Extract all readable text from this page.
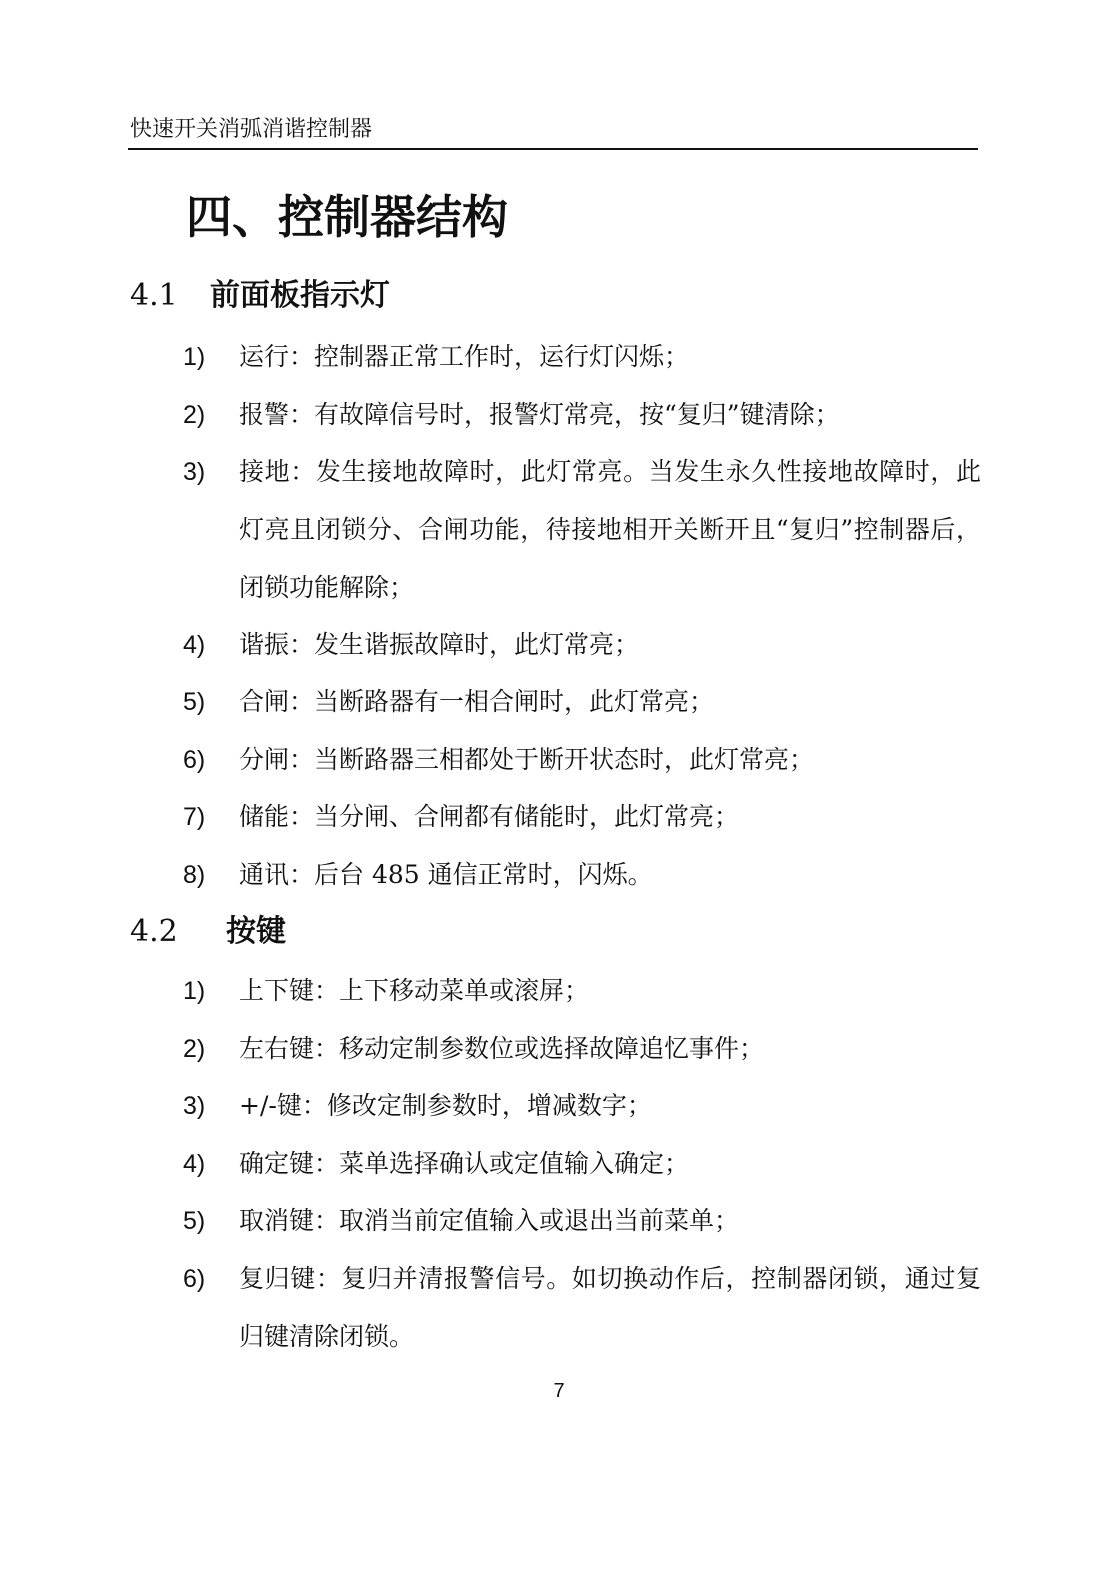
快速开关消弧消谐控制器
四、控制器结构
4.1 前面板指示灯
1) 运行：控制器正常工作时，运行灯闪烁；
2) 报警：有故障信号时，报警灯常亮，按“复归”键清除；
3) 接地：发生接地故障时，此灯常亮。当发生永久性接地故障时，此灯亮且闭锁分、合闸功能，待接地相开关断开且“复归”控制器后，闭锁功能解除；
4) 谐振：发生谐振故障时，此灯常亮；
5) 合闸：当断路器有一相合闸时，此灯常亮；
6) 分闸：当断路器三相都处于断开状态时，此灯常亮；
7) 储能：当分闸、合闸都有储能时，此灯常亮；
8) 通讯：后台 485 通信正常时，闪烁。
4.2 按键
1) 上下键：上下移动菜单或滚屏；
2) 左右键：移动定制参数位或选择故障追忆事件；
3) +/-键：修改定制参数时，增减数字；
4) 确定键：菜单选择确认或定值输入确定；
5) 取消键：取消当前定值输入或退出当前菜单；
6) 复归键：复归并清报警信号。如切换动作后，控制器闭锁，通过复归键清除闭锁。
7
